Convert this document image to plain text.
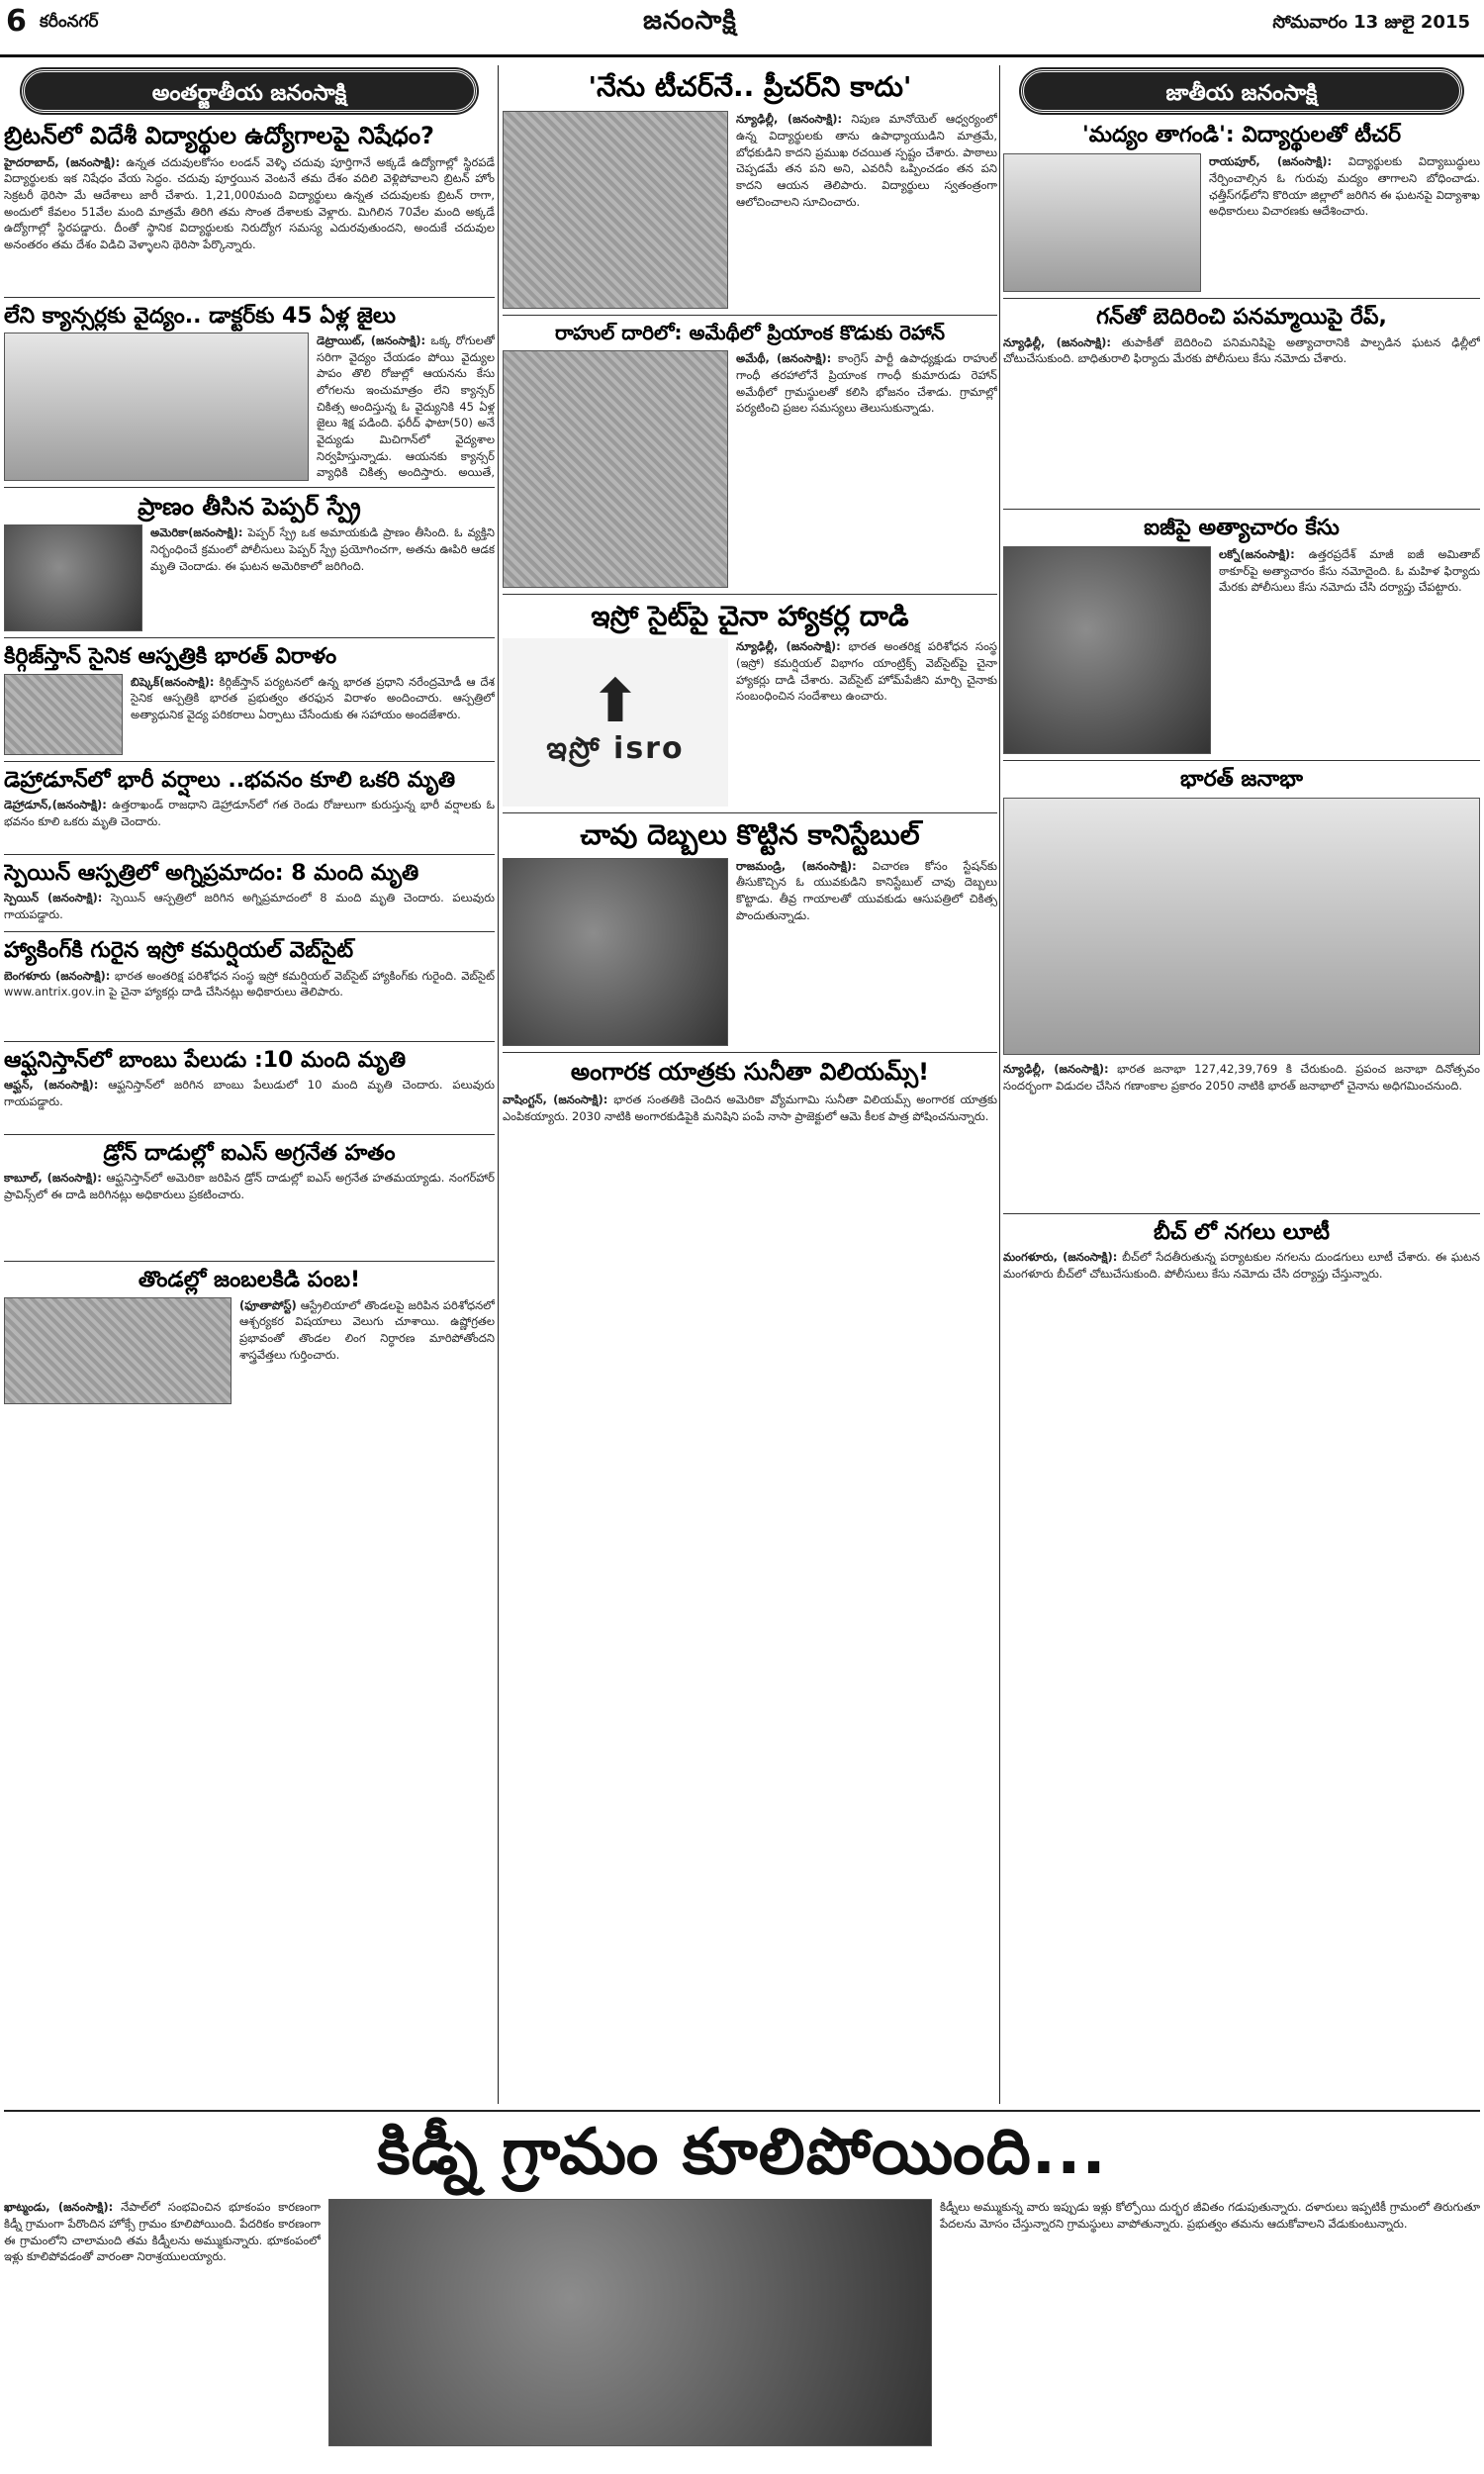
6 కరీంనగర్	జనంసాక్షి	సోమవారం 13 జులై 2015
అంతర్జాతీయ జనంసాక్షి
బ్రిటన్‌లో విదేశీ విద్యార్థుల ఉద్యోగాలపై నిషేధం?

హైదరాబాద్, (జనంసాక్షి): ఉన్నత చదువులకోసం లండన్ వెళ్ళి చదువు పూర్తిగానే అక్కడే ఉద్యోగాల్లో స్థిరపడే విద్యార్థులకు ఇక నిషేధం వేయ సెద్ధం. చదువు పూర్తయిన వెంటనే తమ దేశం వదిలి వెళ్లిపోవాలని బ్రిటన్ హోం సెక్రటరీ థెరిసా మే ఆదేశాలు జారీ చేశారు. 1,21,000మంది విద్యార్థులు ఉన్నత చదువులకు బ్రిటన్ రాగా, అందులో కేవలం 51వేల మంది మాత్రమే తిరిగి తమ సొంత దేశాలకు వెళ్లారు. మిగిలిన 70వేల మంది అక్కడే ఉద్యోగాల్లో స్థిరపడ్డారు. దీంతో స్థానిక విద్యార్థులకు నిరుద్యోగ సమస్య ఎదురవుతుందని, అందుకే చదువుల అనంతరం తమ దేశం విడిచి వెళ్ళాలని థెరిసా పేర్కొన్నారు.

లేని క్యాన్సర్లకు వైద్యం.. డాక్టర్‌కు 45 ఏళ్ల జైలు

డెట్రాయిట్, (జనంసాక్షి): ఒక్క రోగులతో సరిగా వైద్యం చేయడం పోయి వైద్యుల పాపం తొలి రోజుల్లో ఆయనను కేసు లోగలను ఇంచుమాత్రం లేని క్యాన్సర్ చికిత్స అందిస్తున్న ఓ వైద్యునికి 45 ఏళ్ల జైలు శిక్ష పడింది. ఫరీద్ ఫాటా(50) అనే వైద్యుడు మిచిగాన్‌లో వైద్యశాల నిర్వహిస్తున్నాడు. ఆయనకు క్యాన్సర్ వ్యాధికి చికిత్స అందిస్తారు. అయితే,

ప్రాణం తీసిన పెప్పర్ స్ప్రే

అమెరికా(జనంసాక్షి): పెప్పర్ స్ప్రే ఒక అమాయకుడి ప్రాణం తీసింది. ఓ వ్యక్తిని నిర్బంధించే క్రమంలో పోలీసులు పెప్పర్ స్ప్రే ప్రయోగించగా, అతను ఊపిరి ఆడక మృతి చెందాడు. ఈ ఘటన అమెరికాలో జరిగింది.

కిర్గిజ్‌స్తాన్ సైనిక ఆస్పత్రికి భారత్ విరాళం

బిష్కెక్(జనంసాక్షి): కిర్గిజ్‌స్తాన్ పర్యటనలో ఉన్న భారత ప్రధాని నరేంద్రమోడీ ఆ దేశ సైనిక ఆస్పత్రికి భారత ప్రభుత్వం తరఫున విరాళం అందించారు. ఆస్పత్రిలో అత్యాధునిక వైద్య పరికరాలు ఏర్పాటు చేసేందుకు ఈ సహాయం అందజేశారు.

డెహ్రాడూన్‌లో భారీ వర్షాలు ..భవనం కూలి ఒకరి మృతి

డెహ్రాడూన్,(జనంసాక్షి): ఉత్తరాఖండ్ రాజధాని డెహ్రాడూన్‌లో గత రెండు రోజులుగా కురుస్తున్న భారీ వర్షాలకు ఓ భవనం కూలి ఒకరు మృతి చెందారు.

స్పెయిన్ ఆస్పత్రిలో అగ్నిప్రమాదం: 8 మంది మృతి

స్పెయిన్ (జనంసాక్షి): స్పెయిన్ ఆస్పత్రిలో జరిగిన అగ్నిప్రమాదంలో 8 మంది మృతి చెందారు. పలువురు గాయపడ్డారు.

హ్యాకింగ్‌కి గురైన ఇస్రో కమర్షియల్ వెబ్‌సైట్

బెంగళూరు (జనంసాక్షి): భారత అంతరిక్ష పరిశోధన సంస్థ ఇస్రో కమర్షియల్ వెబ్‌సైట్ హ్యాకింగ్‌కు గురైంది. వెబ్‌సైట్ www.antrix.gov.in పై చైనా హ్యాకర్లు దాడి చేసినట్లు అధికారులు తెలిపారు.

ఆఫ్ఘనిస్తాన్‌లో బాంబు పేలుడు :10 మంది మృతి

ఆఫ్ఘన్, (జనంసాక్షి): ఆఫ్ఘనిస్తాన్‌లో జరిగిన బాంబు పేలుడులో 10 మంది మృతి చెందారు. పలువురు గాయపడ్డారు.

డ్రోన్ దాడుల్లో ఐఎస్ అగ్రనేత హతం

కాబూల్, (జనంసాక్షి): ఆఫ్ఘనిస్తాన్‌లో అమెరికా జరిపిన డ్రోన్ దాడుల్లో ఐఎస్ అగ్రనేత హతమయ్యాడు. నంగర్‌హార్ ప్రావిన్స్‌లో ఈ దాడి జరిగినట్లు అధికారులు ప్రకటించారు.

తొండల్లో జంబలకిడి పంబ!

(ఫూతాపోస్ట్) ఆస్ట్రేలియాలో తొండలపై జరిపిన పరిశోధనలో ఆశ్చర్యకర విషయాలు వెలుగు చూశాయి. ఉష్ణోగ్రతల ప్రభావంతో తొండల లింగ నిర్ధారణ మారిపోతోందని శాస్త్రవేత్తలు గుర్తించారు.

'నేను టీచర్‌నే.. ప్రీచర్‌ని కాదు'

న్యూఢిల్లీ, (జనంసాక్షి): నిపుణ మానోయెల్ ఆధ్వర్యంలో ఉన్న విద్యార్థులకు తాను ఉపాధ్యాయుడిని మాత్రమే, బోధకుడిని కాదని ప్రముఖ రచయిత స్పష్టం చేశారు. పాఠాలు చెప్పడమే తన పని అని, ఎవరినీ ఒప్పించడం తన పని కాదని ఆయన తెలిపారు. విద్యార్థులు స్వతంత్రంగా ఆలోచించాలని సూచించారు.

రాహుల్ దారిలో: అమేథీలో ప్రియాంక కొడుకు రెహాన్

అమేథీ, (జనంసాక్షి): కాంగ్రెస్ పార్టీ ఉపాధ్యక్షుడు రాహుల్ గాంధీ తరహాలోనే ప్రియాంక గాంధీ కుమారుడు రెహాన్ అమేథీలో గ్రామస్థులతో కలిసి భోజనం చేశాడు. గ్రామాల్లో పర్యటించి ప్రజల సమస్యలు తెలుసుకున్నాడు.

ఇస్రో సైట్‌పై చైనా హ్యాకర్ల దాడి
⬆
ఇస్రో isro

న్యూఢిల్లీ, (జనంసాక్షి): భారత అంతరిక్ష పరిశోధన సంస్థ (ఇస్రో) కమర్షియల్ విభాగం యాంట్రిక్స్ వెబ్‌సైట్‌పై చైనా హ్యాకర్లు దాడి చేశారు. వెబ్‌సైట్ హోమ్‌పేజీని మార్చి చైనాకు సంబంధించిన సందేశాలు ఉంచారు.

చావు దెబ్బలు కొట్టిన కానిస్టేబుల్

రాజమండ్రి, (జనంసాక్షి): విచారణ కోసం స్టేషన్‌కు తీసుకొచ్చిన ఓ యువకుడిని కానిస్టేబుల్ చావు దెబ్బలు కొట్టాడు. తీవ్ర గాయాలతో యువకుడు ఆసుపత్రిలో చికిత్స పొందుతున్నాడు.

అంగారక యాత్రకు సునీతా విలియమ్స్!

వాషింగ్టన్, (జనంసాక్షి): భారత సంతతికి చెందిన అమెరికా వ్యోమగామి సునీతా విలియమ్స్ అంగారక యాత్రకు ఎంపికయ్యారు. 2030 నాటికి అంగారకుడిపైకి మనిషిని పంపే నాసా ప్రాజెక్టులో ఆమె కీలక పాత్ర పోషించనున్నారు.

జాతీయ జనంసాక్షి
'మద్యం తాగండి': విద్యార్థులతో టీచర్

రాయపూర్, (జనంసాక్షి): విద్యార్థులకు విద్యాబుద్ధులు నేర్పించాల్సిన ఓ గురువు మద్యం తాగాలని బోధించాడు. ఛత్తీస్‌గఢ్‌లోని కొరియా జిల్లాలో జరిగిన ఈ ఘటనపై విద్యాశాఖ అధికారులు విచారణకు ఆదేశించారు.

గన్‌తో బెదిరించి పనమ్మాయిపై రేప్,

న్యూఢిల్లీ, (జనంసాక్షి): తుపాకీతో బెదిరించి పనిమనిషిపై అత్యాచారానికి పాల్పడిన ఘటన ఢిల్లీలో చోటుచేసుకుంది. బాధితురాలి ఫిర్యాదు మేరకు పోలీసులు కేసు నమోదు చేశారు.

ఐజీపై అత్యాచారం కేసు

లక్నో(జనంసాక్షి): ఉత్తరప్రదేశ్ మాజీ ఐజీ అమితాబ్ ఠాకూర్‌పై అత్యాచారం కేసు నమోదైంది. ఓ మహిళ ఫిర్యాదు మేరకు పోలీసులు కేసు నమోదు చేసి దర్యాప్తు చేపట్టారు.

భారత్ జనాభా

న్యూఢిల్లీ, (జనంసాక్షి): భారత జనాభా 127,42,39,769 కి చేరుకుంది. ప్రపంచ జనాభా దినోత్సవం సందర్భంగా విడుదల చేసిన గణాంకాల ప్రకారం 2050 నాటికి భారత్ జనాభాలో చైనాను అధిగమించనుంది.

బీచ్ లో నగలు లూటీ

మంగళూరు, (జనంసాక్షి): బీచ్‌లో సేదతీరుతున్న పర్యాటకుల నగలను దుండగులు లూటీ చేశారు. ఈ ఘటన మంగళూరు బీచ్‌లో చోటుచేసుకుంది. పోలీసులు కేసు నమోదు చేసి దర్యాప్తు చేస్తున్నారు.

కిడ్నీ గ్రామం కూలిపోయింది...

ఖాట్మండు, (జనంసాక్షి): నేపాల్‌లో సంభవించిన భూకంపం కారణంగా కిడ్నీ గ్రామంగా పేరొందిన హోక్సే గ్రామం కూలిపోయింది. పేదరికం కారణంగా ఈ గ్రామంలోని చాలామంది తమ కిడ్నీలను అమ్ముకున్నారు. భూకంపంలో ఇళ్లు కూలిపోవడంతో వారంతా నిరాశ్రయులయ్యారు.

కిడ్నీలు అమ్ముకున్న వారు ఇప్పుడు ఇళ్లు కోల్పోయి దుర్భర జీవితం గడుపుతున్నారు. దళారులు ఇప్పటికీ గ్రామంలో తిరుగుతూ పేదలను మోసం చేస్తున్నారని గ్రామస్థులు వాపోతున్నారు. ప్రభుత్వం తమను ఆదుకోవాలని వేడుకుంటున్నారు.
